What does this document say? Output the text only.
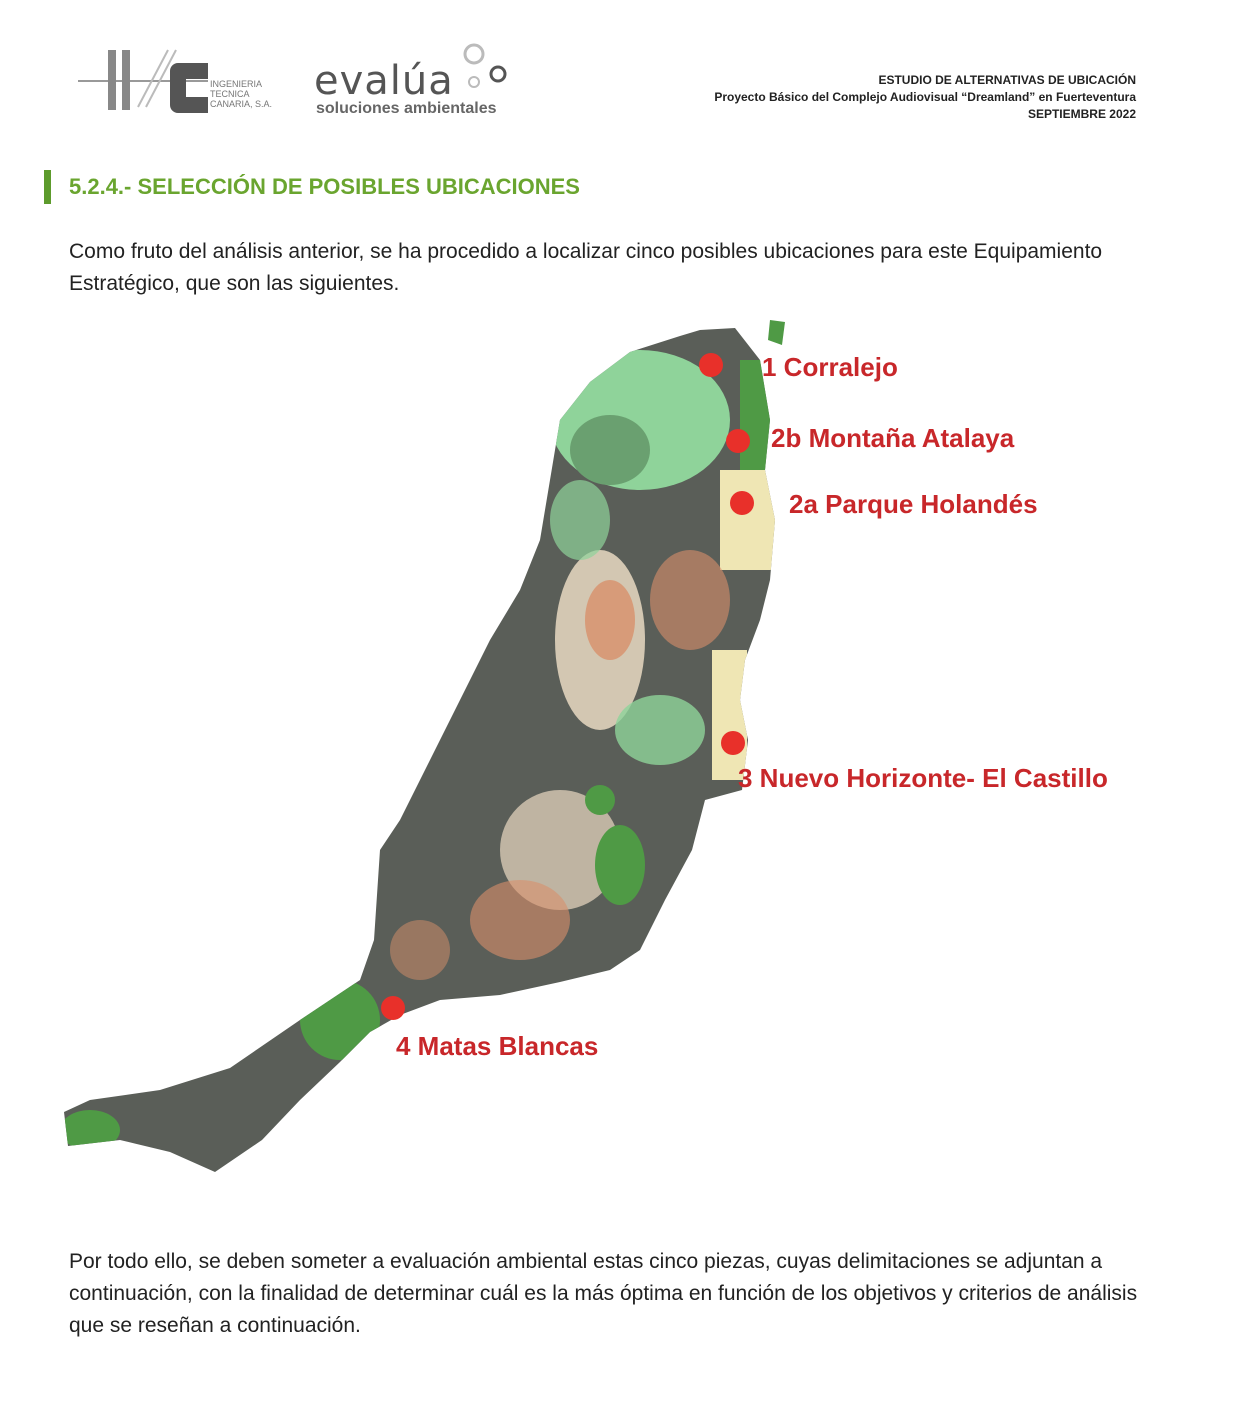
INGENIERIA
TECNICA
CANARIA, S.A. evalúa
soluciones ambientales
ESTUDIO DE ALTERNATIVAS DE UBICACIÓN
Proyecto Básico del Complejo Audiovisual “Dreamland” en Fuerteventura
SEPTIEMBRE 2022
5.2.4.- SELECCIÓN DE POSIBLES UBICACIONES
Como fruto del análisis anterior, se ha procedido a localizar cinco posibles ubicaciones para este Equipamiento Estratégico, que son las siguientes.
1 Corralejo
2b Montaña Atalaya
2a Parque Holandés
3 Nuevo Horizonte- El Castillo
4 Matas Blancas
Por todo ello, se deben someter a evaluación ambiental estas cinco piezas, cuyas delimitaciones se adjuntan a continuación, con la finalidad de determinar cuál es la más óptima en función de los objetivos y criterios de análisis que se reseñan a continuación.
